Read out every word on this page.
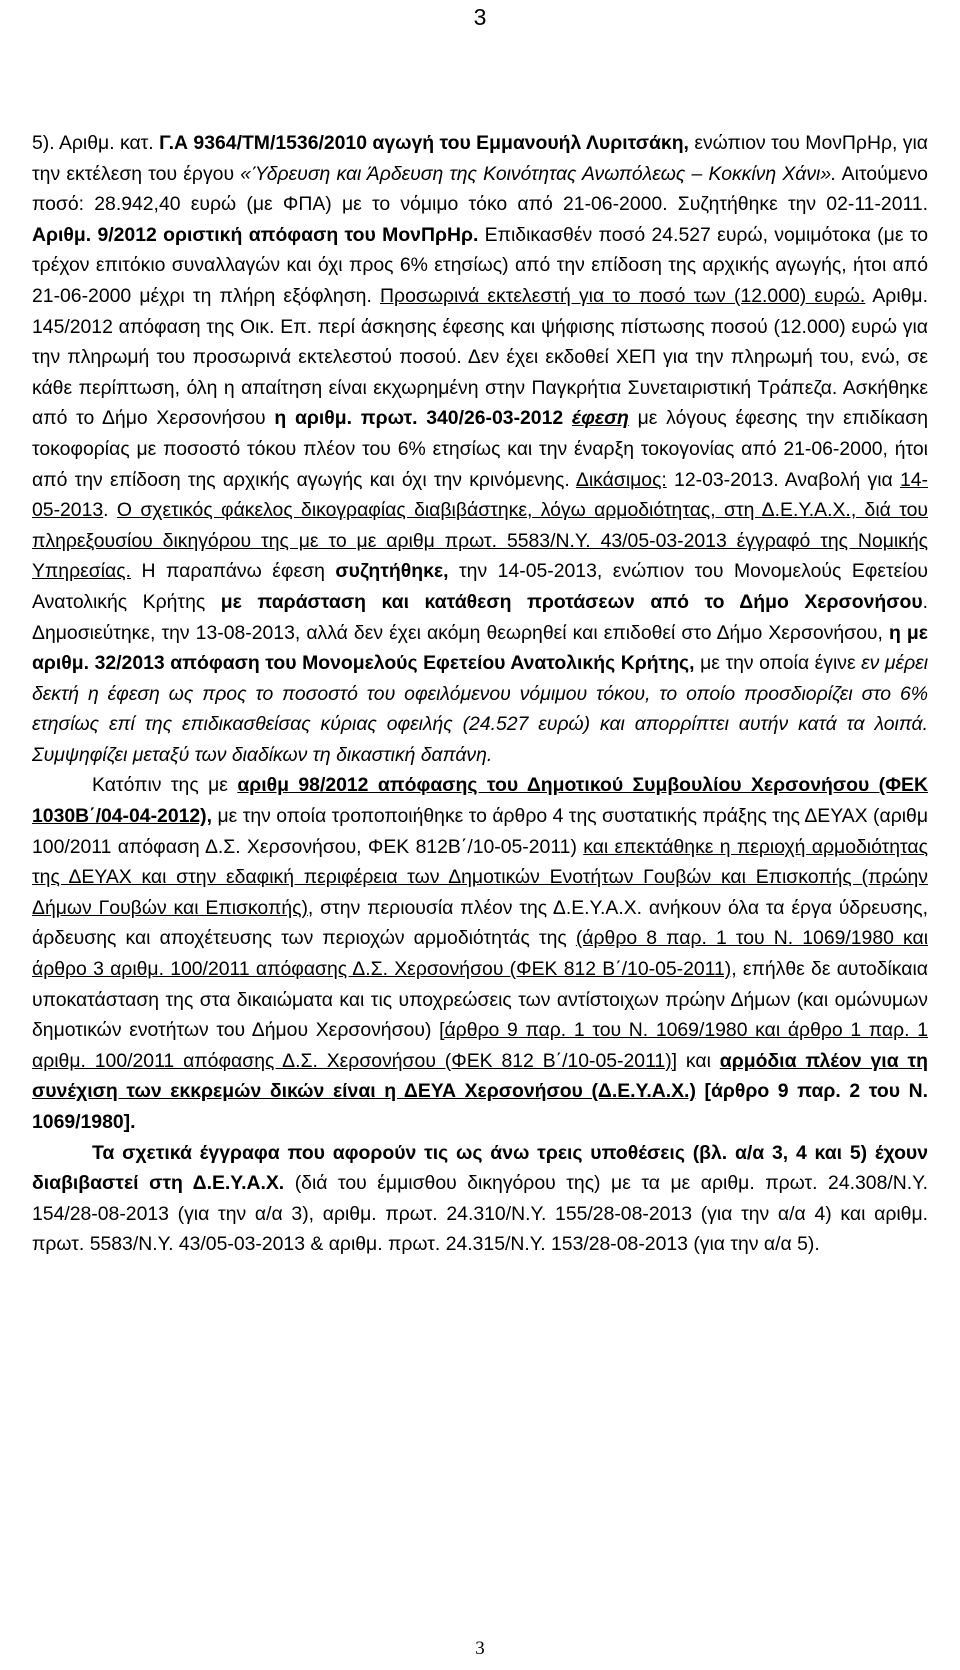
3

5). Αριθμ. κατ. Γ.Α 9364/ΤΜ/1536/2010 αγωγή του Εμμανουήλ Λυριτσάκη, ενώπιον του ΜονΠρΗρ, για την εκτέλεση του έργου «Ύδρευση και Άρδευση της Κοινότητας Ανωπόλεως – Κοκκίνη Χάνι». Αιτούμενο ποσό: 28.942,40 ευρώ (με ΦΠΑ) με το νόμιμο τόκο από 21-06-2000. Συζητήθηκε την 02-11-2011. Αριθμ. 9/2012 οριστική απόφαση του ΜονΠρΗρ. Επιδικασθέν ποσό 24.527 ευρώ, νομιμότοκα (με το τρέχον επιτόκιο συναλλαγών και όχι προς 6% ετησίως) από την επίδοση της αρχικής αγωγής, ήτοι από 21-06-2000 μέχρι τη πλήρη εξόφληση. Προσωρινά εκτελεστή για το ποσό των (12.000) ευρώ. Αριθμ. 145/2012 απόφαση της Οικ. Επ. περί άσκησης έφεσης και ψήφισης πίστωσης ποσού (12.000) ευρώ για την πληρωμή του προσωρινά εκτελεστού ποσού. Δεν έχει εκδοθεί ΧΕΠ για την πληρωμή του, ενώ, σε κάθε περίπτωση, όλη η απαίτηση είναι εκχωρημένη στην Παγκρήτια Συνεταιριστική Τράπεζα. Ασκήθηκε από το Δήμο Χερσονήσου η αριθμ. πρωτ. 340/26-03-2012 έφεση με λόγους έφεσης την επιδίκαση τοκοφορίας με ποσοστό τόκου πλέον του 6% ετησίως και την έναρξη τοκογονίας από 21-06-2000, ήτοι από την επίδοση της αρχικής αγωγής και όχι την κρινόμενης. Δικάσιμος: 12-03-2013. Αναβολή για 14-05-2013. Ο σχετικός φάκελος δικογραφίας διαβιβάστηκε, λόγω αρμοδιότητας, στη Δ.Ε.Υ.Α.Χ., διά του πληρεξουσίου δικηγόρου της με το με αριθμ πρωτ. 5583/Ν.Υ. 43/05-03-2013 έγγραφό της Νομικής Υπηρεσίας. Η παραπάνω έφεση συζητήθηκε, την 14-05-2013, ενώπιον του Μονομελούς Εφετείου Ανατολικής Κρήτης με παράσταση και κατάθεση προτάσεων από το Δήμο Χερσονήσου. Δημοσιεύτηκε, την 13-08-2013, αλλά δεν έχει ακόμη θεωρηθεί και επιδοθεί στο Δήμο Χερσονήσου, η με αριθμ. 32/2013 απόφαση του Μονομελούς Εφετείου Ανατολικής Κρήτης, με την οποία έγινε εν μέρει δεκτή η έφεση ως προς το ποσοστό του οφειλόμενου νόμιμου τόκου, το οποίο προσδιορίζει στο 6% ετησίως επί της επιδικασθείσας κύριας οφειλής (24.527 ευρώ) και απορρίπτει αυτήν κατά τα λοιπά. Συμψηφίζει μεταξύ των διαδίκων τη δικαστική δαπάνη.

Κατόπιν της με αριθμ 98/2012 απόφασης του Δημοτικού Συμβουλίου Χερσονήσου (ΦΕΚ 1030Β΄/04-04-2012), με την οποία τροποποιήθηκε το άρθρο 4 της συστατικής πράξης της ΔΕΥΑΧ (αριθμ 100/2011 απόφαση Δ.Σ. Χερσονήσου, ΦΕΚ 812Β΄/10-05-2011) και επεκτάθηκε η περιοχή αρμοδιότητας της ΔΕΥΑΧ και στην εδαφική περιφέρεια των Δημοτικών Ενοτήτων Γουβών και Επισκοπής (πρώην Δήμων Γουβών και Επισκοπής), στην περιουσία πλέον της Δ.Ε.Υ.Α.Χ. ανήκουν όλα τα έργα ύδρευσης, άρδευσης και αποχέτευσης των περιοχών αρμοδιότητάς της (άρθρο 8 παρ. 1 του Ν. 1069/1980 και άρθρο 3 αριθμ. 100/2011 απόφασης Δ.Σ. Χερσονήσου (ΦΕΚ 812 Β΄/10-05-2011), επήλθε δε αυτοδίκαια υποκατάσταση της στα δικαιώματα και τις υποχρεώσεις των αντίστοιχων πρώην Δήμων (και ομώνυμων δημοτικών ενοτήτων του Δήμου Χερσονήσου) [άρθρο 9 παρ. 1 του Ν. 1069/1980 και άρθρο 1 παρ. 1 αριθμ. 100/2011 απόφασης Δ.Σ. Χερσονήσου (ΦΕΚ 812 Β΄/10-05-2011)] και αρμόδια πλέον για τη συνέχιση των εκκρεμών δικών είναι η ΔΕΥΑ Χερσονήσου (Δ.Ε.Υ.Α.Χ.) [άρθρο 9 παρ. 2 του Ν. 1069/1980].

Τα σχετικά έγγραφα που αφορούν τις ως άνω τρεις υποθέσεις (βλ. α/α 3, 4 και 5) έχουν διαβιβαστεί στη Δ.Ε.Υ.Α.Χ. (διά του έμμισθου δικηγόρου της) με τα με αριθμ. πρωτ. 24.308/Ν.Υ. 154/28-08-2013 (για την α/α 3), αριθμ. πρωτ. 24.310/Ν.Υ. 155/28-08-2013 (για την α/α 4) και αριθμ. πρωτ. 5583/Ν.Υ. 43/05-03-2013 & αριθμ. πρωτ. 24.315/Ν.Υ. 153/28-08-2013 (για την α/α 5).

3
